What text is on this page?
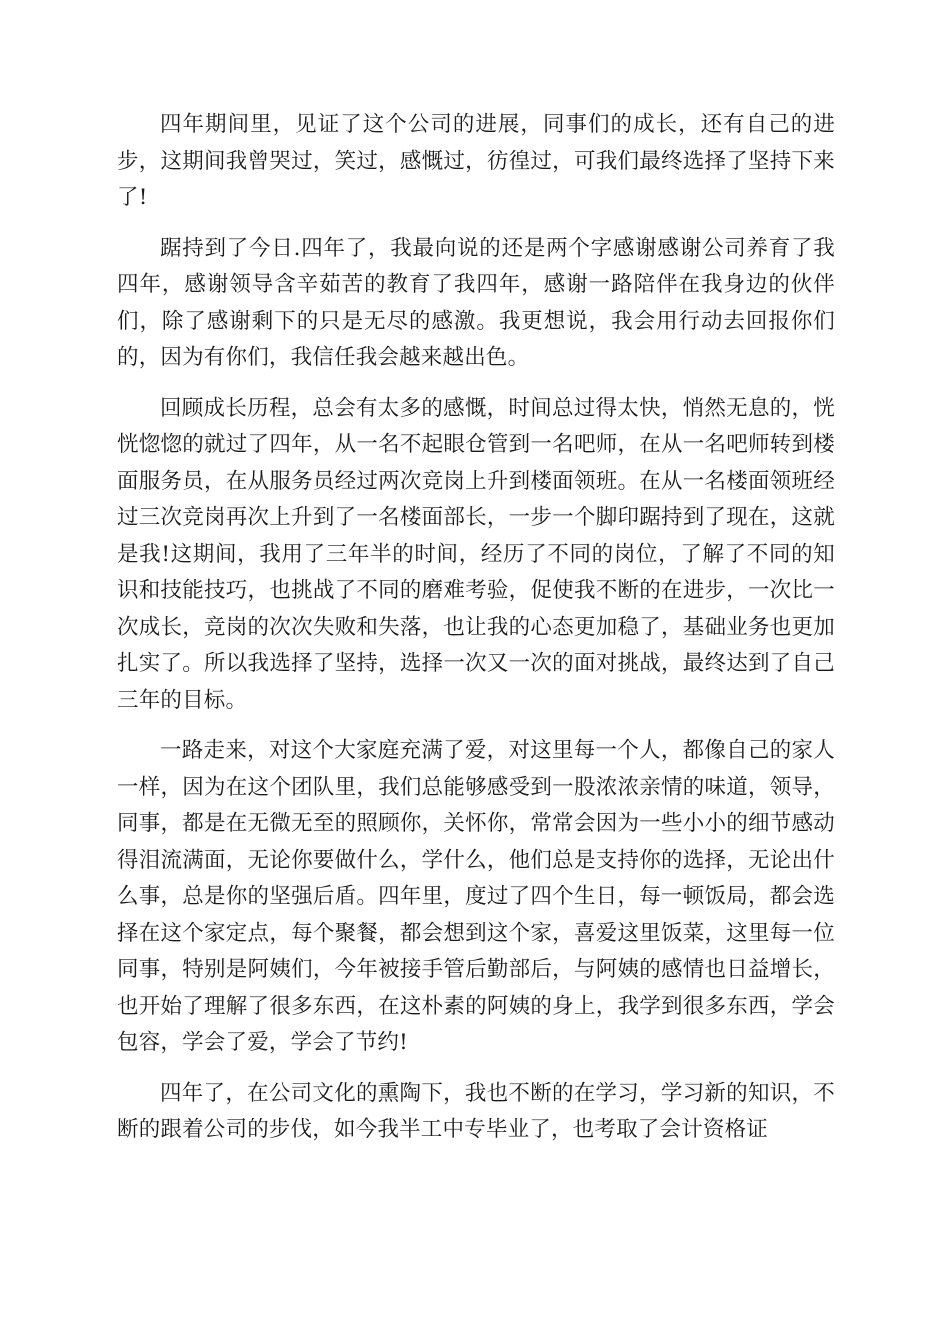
四年期间里，见证了这个公司的进展，同事们的成长，还有自己的进步，这期间我曾哭过，笑过，感慨过，彷徨过，可我们最终选择了坚持下来了!

踞持到了今日.四年了，我最向说的还是两个字感谢感谢公司养育了我四年，感谢领导含辛茹苦的教育了我四年，感谢一路陪伴在我身边的伙伴们，除了感谢剩下的只是无尽的感激。我更想说，我会用行动去回报你们的，因为有你们，我信任我会越来越出色。

回顾成长历程，总会有太多的感慨，时间总过得太快，悄然无息的，恍恍惚惚的就过了四年，从一名不起眼仓管到一名吧师，在从一名吧师转到楼面服务员，在从服务员经过两次竞岗上升到楼面领班。在从一名楼面领班经过三次竞岗再次上升到了一名楼面部长，一步一个脚印踞持到了现在，这就是我!这期间，我用了三年半的时间，经历了不同的岗位，了解了不同的知识和技能技巧，也挑战了不同的磨难考验，促使我不断的在进步，一次比一次成长，竞岗的次次失败和失落，也让我的心态更加稳了，基础业务也更加扎实了。所以我选择了坚持，选择一次又一次的面对挑战，最终达到了自己三年的目标。

一路走来，对这个大家庭充满了爱，对这里每一个人，都像自己的家人一样，因为在这个团队里，我们总能够感受到一股浓浓亲情的味道，领导，同事，都是在无微无至的照顾你，关怀你，常常会因为一些小小的细节感动得泪流满面，无论你要做什么，学什么，他们总是支持你的选择，无论出什么事，总是你的坚强后盾。四年里，度过了四个生日，每一顿饭局，都会选择在这个家定点，每个聚餐，都会想到这个家，喜爱这里饭菜，这里每一位同事，特别是阿姨们，今年被接手管后勤部后，与阿姨的感情也日益增长，也开始了理解了很多东西，在这朴素的阿姨的身上，我学到很多东西，学会包容，学会了爱，学会了节约!

四年了，在公司文化的熏陶下，我也不断的在学习，学习新的知识，不断的跟着公司的步伐，如今我半工中专毕业了，也考取了会计资格证
